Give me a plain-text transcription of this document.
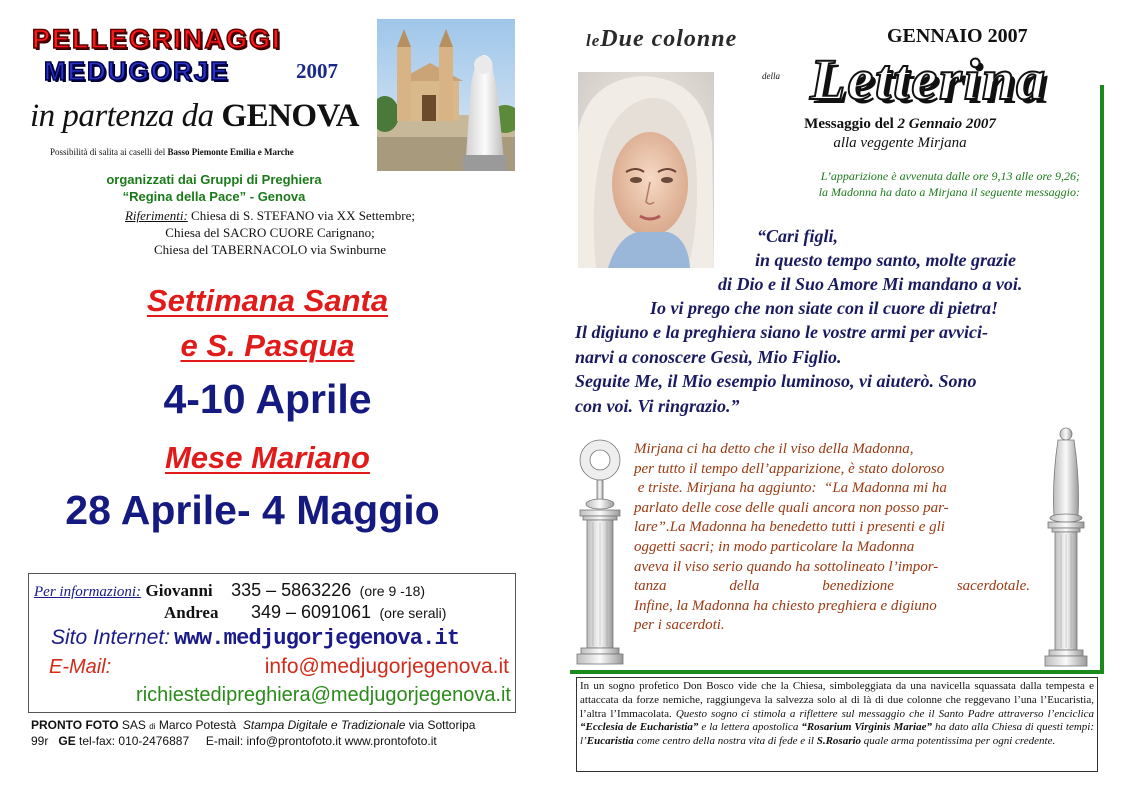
PELLEGRINAGGI
MEDUGORJE	2007
in partenza da GENOVA
Possibilità di salita ai caselli del Basso Piemonte Emilia e Marche
organizzati dai Gruppi di Preghiera
“Regina della Pace” - Genova
Riferimenti: Chiesa di S. STEFANO via XX Settembre;
Chiesa del SACRO CUORE Carignano;
Chiesa del TABERNACOLO via Swinburne
Settimana Santa
e S. Pasqua
4-10 Aprile
Mese Mariano
28 Aprile- 4 Maggio
Per informazioni: Giovanni 335 – 5863226 (ore 9 -18)
Andrea 349 – 6091061 (ore serali)
Sito Internet: www.medjugorjegenova.it
E-Mail:	info@medjugorjegenova.it
richiestedipreghiera@medjugorjegenova.it
PRONTO FOTO SAS di Marco Potestà Stampa Digitale e Tradizionale via Sottoripa
99r GE tel-fax: 010-2476887 E-mail: info@prontofoto.it www.prontofoto.it
leDue colonne	GENNAIO 2007
della Letterina
Messaggio del 2 Gennaio 2007
alla veggente Mirjana
L’apparizione è avvenuta dalle ore 9,13 alle ore 9,26;
la Madonna ha dato a Mirjana il seguente messaggio:
“Cari figli,
in questo tempo santo, molte grazie
di Dio e il Suo Amore Mi mandano a voi.
Io vi prego che non siate con il cuore di pietra!
Il digiuno e la preghiera siano le vostre armi per avvici-
narvi a conoscere Gesù, Mio Figlio.
Seguite Me, il Mio esempio luminoso, vi aiuterò. Sono
con voi. Vi ringrazio.”
Mirjana ci ha detto che il viso della Madonna,
per tutto il tempo dell’apparizione, è stato doloroso
e triste. Mirjana ha aggiunto:  “La Madonna mi ha
parlato delle cose delle quali ancora non posso par-
lare”.La Madonna ha benedetto tutti i presenti e gli
oggetti sacri; in modo particolare la Madonna
aveva il viso serio quando ha sottolineato l’impor-
tanza della benedizione sacerdotale.
Infine, la Madonna ha chiesto preghiera e digiuno
per i sacerdoti.
In un sogno profetico Don Bosco vide che la Chiesa, simboleggiata da una navicella squassata dalla tempesta e attaccata da forze nemiche, raggiungeva la salvezza solo al di là di due colonne che reggevano l’una l’Eucaristia, l’altra l’Immacolata. Questo sogno ci stimola a riflettere sul messaggio che il Santo Padre attraverso l’enciclica “Ecclesia de Eucharistia” e la lettera apostolica “Rosarium Virginis Mariae” ha dato alla Chiesa di questi tempi: l’Eucaristia come centro della nostra vita di fede e il S.Rosario quale arma potentissima per ogni credente.
